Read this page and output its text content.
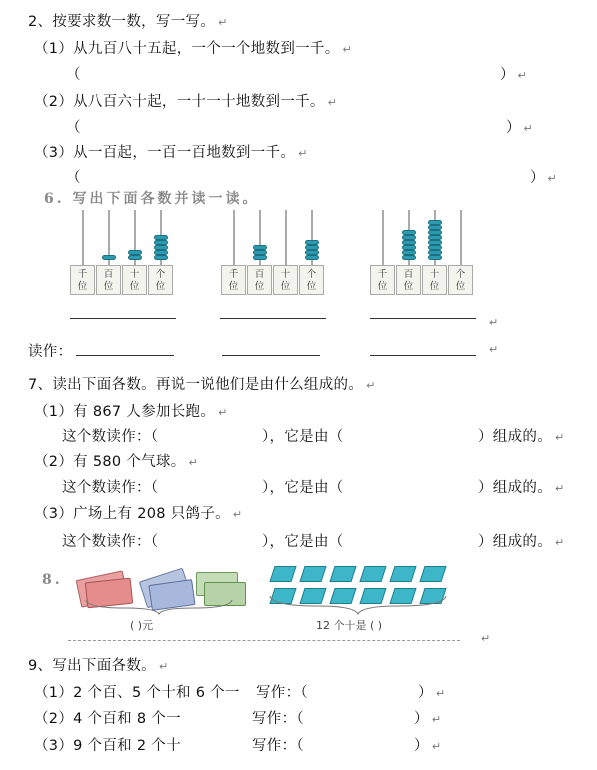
2、按要求数一数，写一写。 ↵
（1）从九百八十五起，一个一个地数到一千。 ↵
（	） ↵
（2）从八百六十起，一十一十地数到一千。 ↵
（	） ↵
（3）从一百起，一百一百地数到一千。 ↵
（	） ↵
6. 写出下面各数并读一读。
千
位
百
位
十
位
个
位
千
位
百
位
十
位
个
位
千
位
百
位
十
位
个
位
↵
读作：	↵
7、读出下面各数。再说一说他们是由什么组成的。 ↵
（1）有 867 人参加长跑。 ↵
这个数读作：（	），它是由（	）组成的。 ↵
（2）有 580 个气球。 ↵
这个数读作：（	），它是由（	）组成的。 ↵
（3）广场上有 208 只鸽子。 ↵
这个数读作：（	），它是由（	）组成的。 ↵
8.
( )元	12 个十是 ( )
↵
9、写出下面各数。 ↵
（1）2 个百、5 个十和 6 个一 写作：（	） ↵
（2）4 个百和 8 个一	写作：（	） ↵
（3）9 个百和 2 个十	写作：（	） ↵
